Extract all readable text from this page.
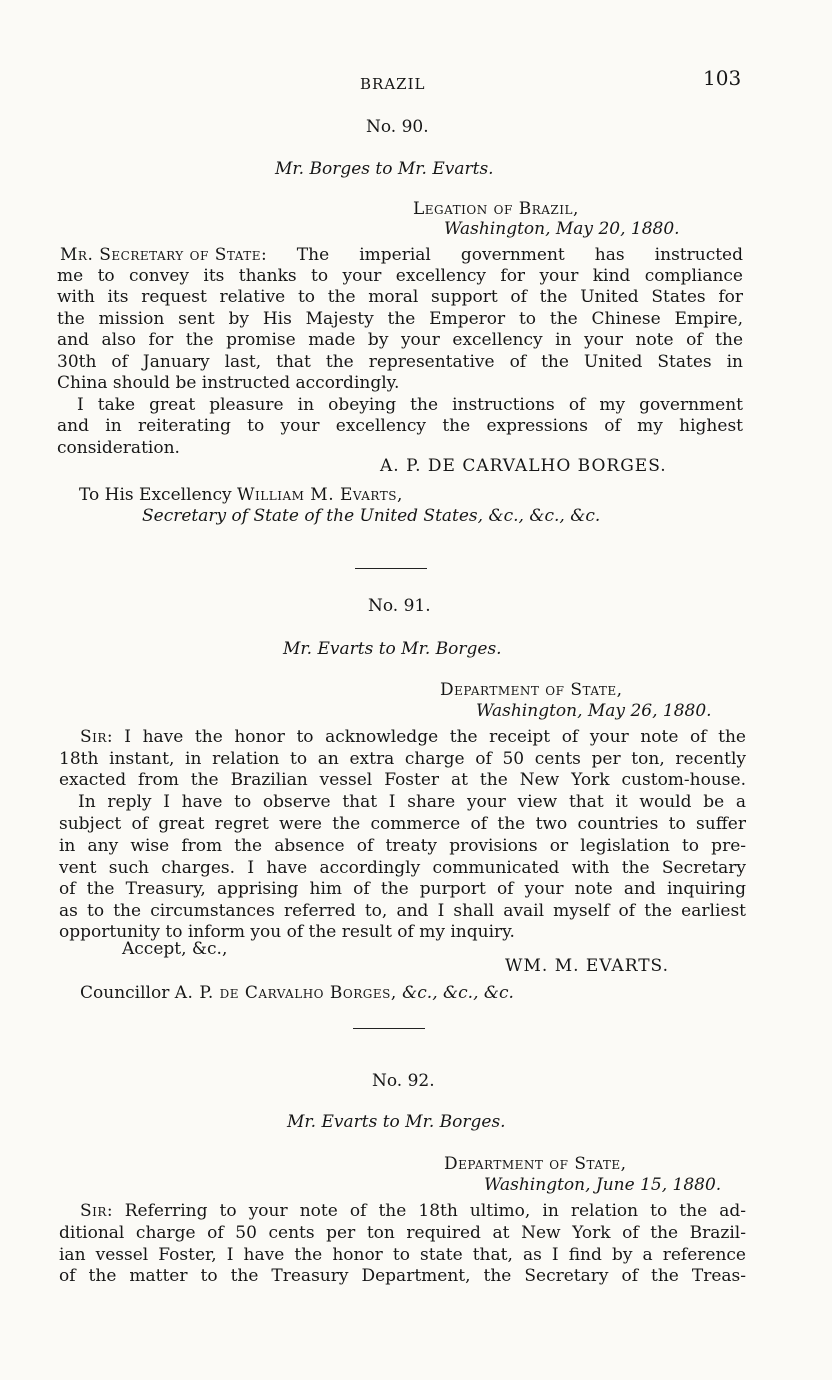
BRAZIL	103
No. 90.
Mr. Borges to Mr. Evarts.
Legation of Brazil,
Washington, May 20, 1880.
Mr. Secretary of State : The imperial government has instructed
me to convey its thanks to your excellency for your kind compliance
with its request relative to the moral support of the United States for
the mission sent by His Majesty the Emperor to the Chinese Empire,
and also for the promise made by your excellency in your note of the
30th of January last, that the representative of the United States in
China should be instructed accordingly.
I take great pleasure in obeying the instructions of my government
and in reiterating to your excellency the expressions of my highest
consideration.
A. P. DE CARVALHO BORGES.
To His Excellency William M. Evarts,
Secretary of State of the United States, &c., &c., &c.
No. 91.
Mr. Evarts to Mr. Borges.
Department of State,
Washington, May 26, 1880.
Sir : I have the honor to acknowledge the receipt of your note of the
18th instant, in relation to an extra charge of 50 cents per ton, recently
exacted from the Brazilian vessel Foster at the New York custom-house.
In reply I have to observe that I share your view that it would be a
subject of great regret were the commerce of the two countries to suffer
in any wise from the absence of treaty provisions or legislation to pre-
vent such charges. I have accordingly communicated with the Secretary
of the Treasury, apprising him of the purport of your note and inquiring
as to the circumstances referred to, and I shall avail myself of the earliest
opportunity to inform you of the result of my inquiry.
Accept, &c.,
WM. M. EVARTS.
Councillor A. P. de Carvalho Borges, &c., &c., &c.
No. 92.
Mr. Evarts to Mr. Borges.
Department of State,
Washington, June 15, 1880.
Sir : Referring to your note of the 18th ultimo, in relation to the ad-
ditional charge of 50 cents per ton required at New York of the Brazil-
ian vessel Foster, I have the honor to state that, as I find by a reference
of the matter to the Treasury Department, the Secretary of the Treas-
